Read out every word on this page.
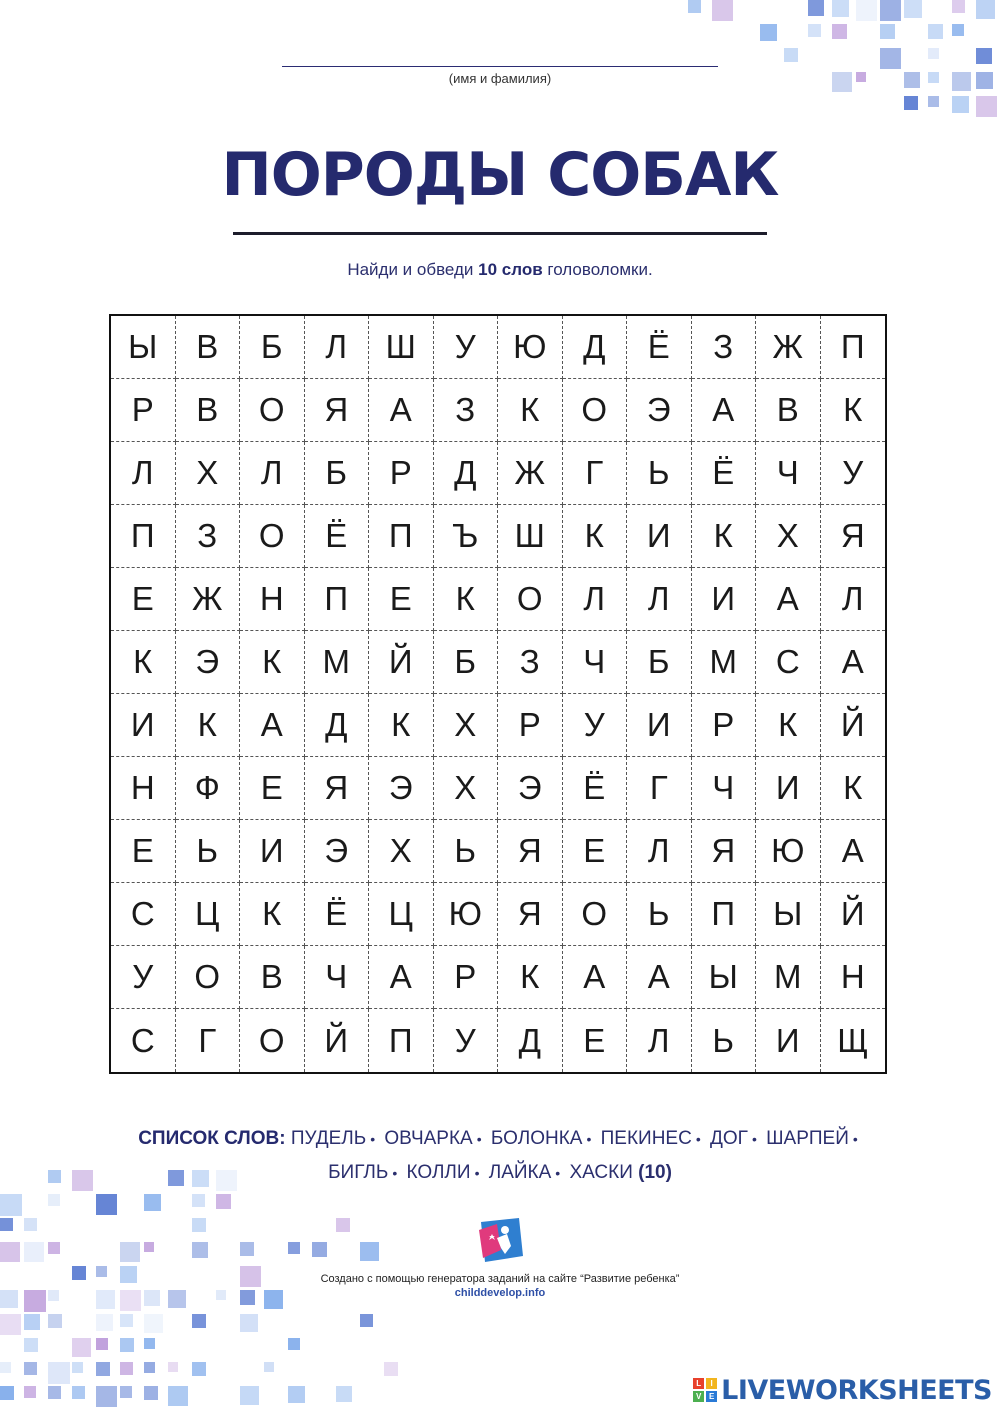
(имя и фамилия)
ПОРОДЫ СОБАК
Найди и обведи 10 слов головоломки.
Ы	В	Б	Л	Ш	У	Ю	Д	Ё	З	Ж	П
Р	В	О	Я	А	З	К	О	Э	А	В	К
Л	Х	Л	Б	Р	Д	Ж	Г	Ь	Ё	Ч	У
П	З	О	Ё	П	Ъ	Ш	К	И	К	Х	Я
Е	Ж	Н	П	Е	К	О	Л	Л	И	А	Л
К	Э	К	М	Й	Б	З	Ч	Б	М	С	А
И	К	А	Д	К	Х	Р	У	И	Р	К	Й
Н	Ф	Е	Я	Э	Х	Э	Ё	Г	Ч	И	К
Е	Ь	И	Э	Х	Ь	Я	Е	Л	Я	Ю	А
С	Ц	К	Ё	Ц	Ю	Я	О	Ь	П	Ы	Й
У	О	В	Ч	А	Р	К	А	А	Ы	М	Н
С	Г	О	Й	П	У	Д	Е	Л	Ь	И	Щ
СПИСОК СЛОВ: ПУДЕЛЬ • ОВЧАРКА • БОЛОНКА • ПЕКИНЕС • ДОГ • ШАРПЕЙ • БИГЛЬ • КОЛЛИ • ЛАЙКА • ХАСКИ (10)
Создано с помощью генератора заданий на сайте “Развитие ребенка”
childdevelop.info
L	I
V E LIVEWORKSHEETS
